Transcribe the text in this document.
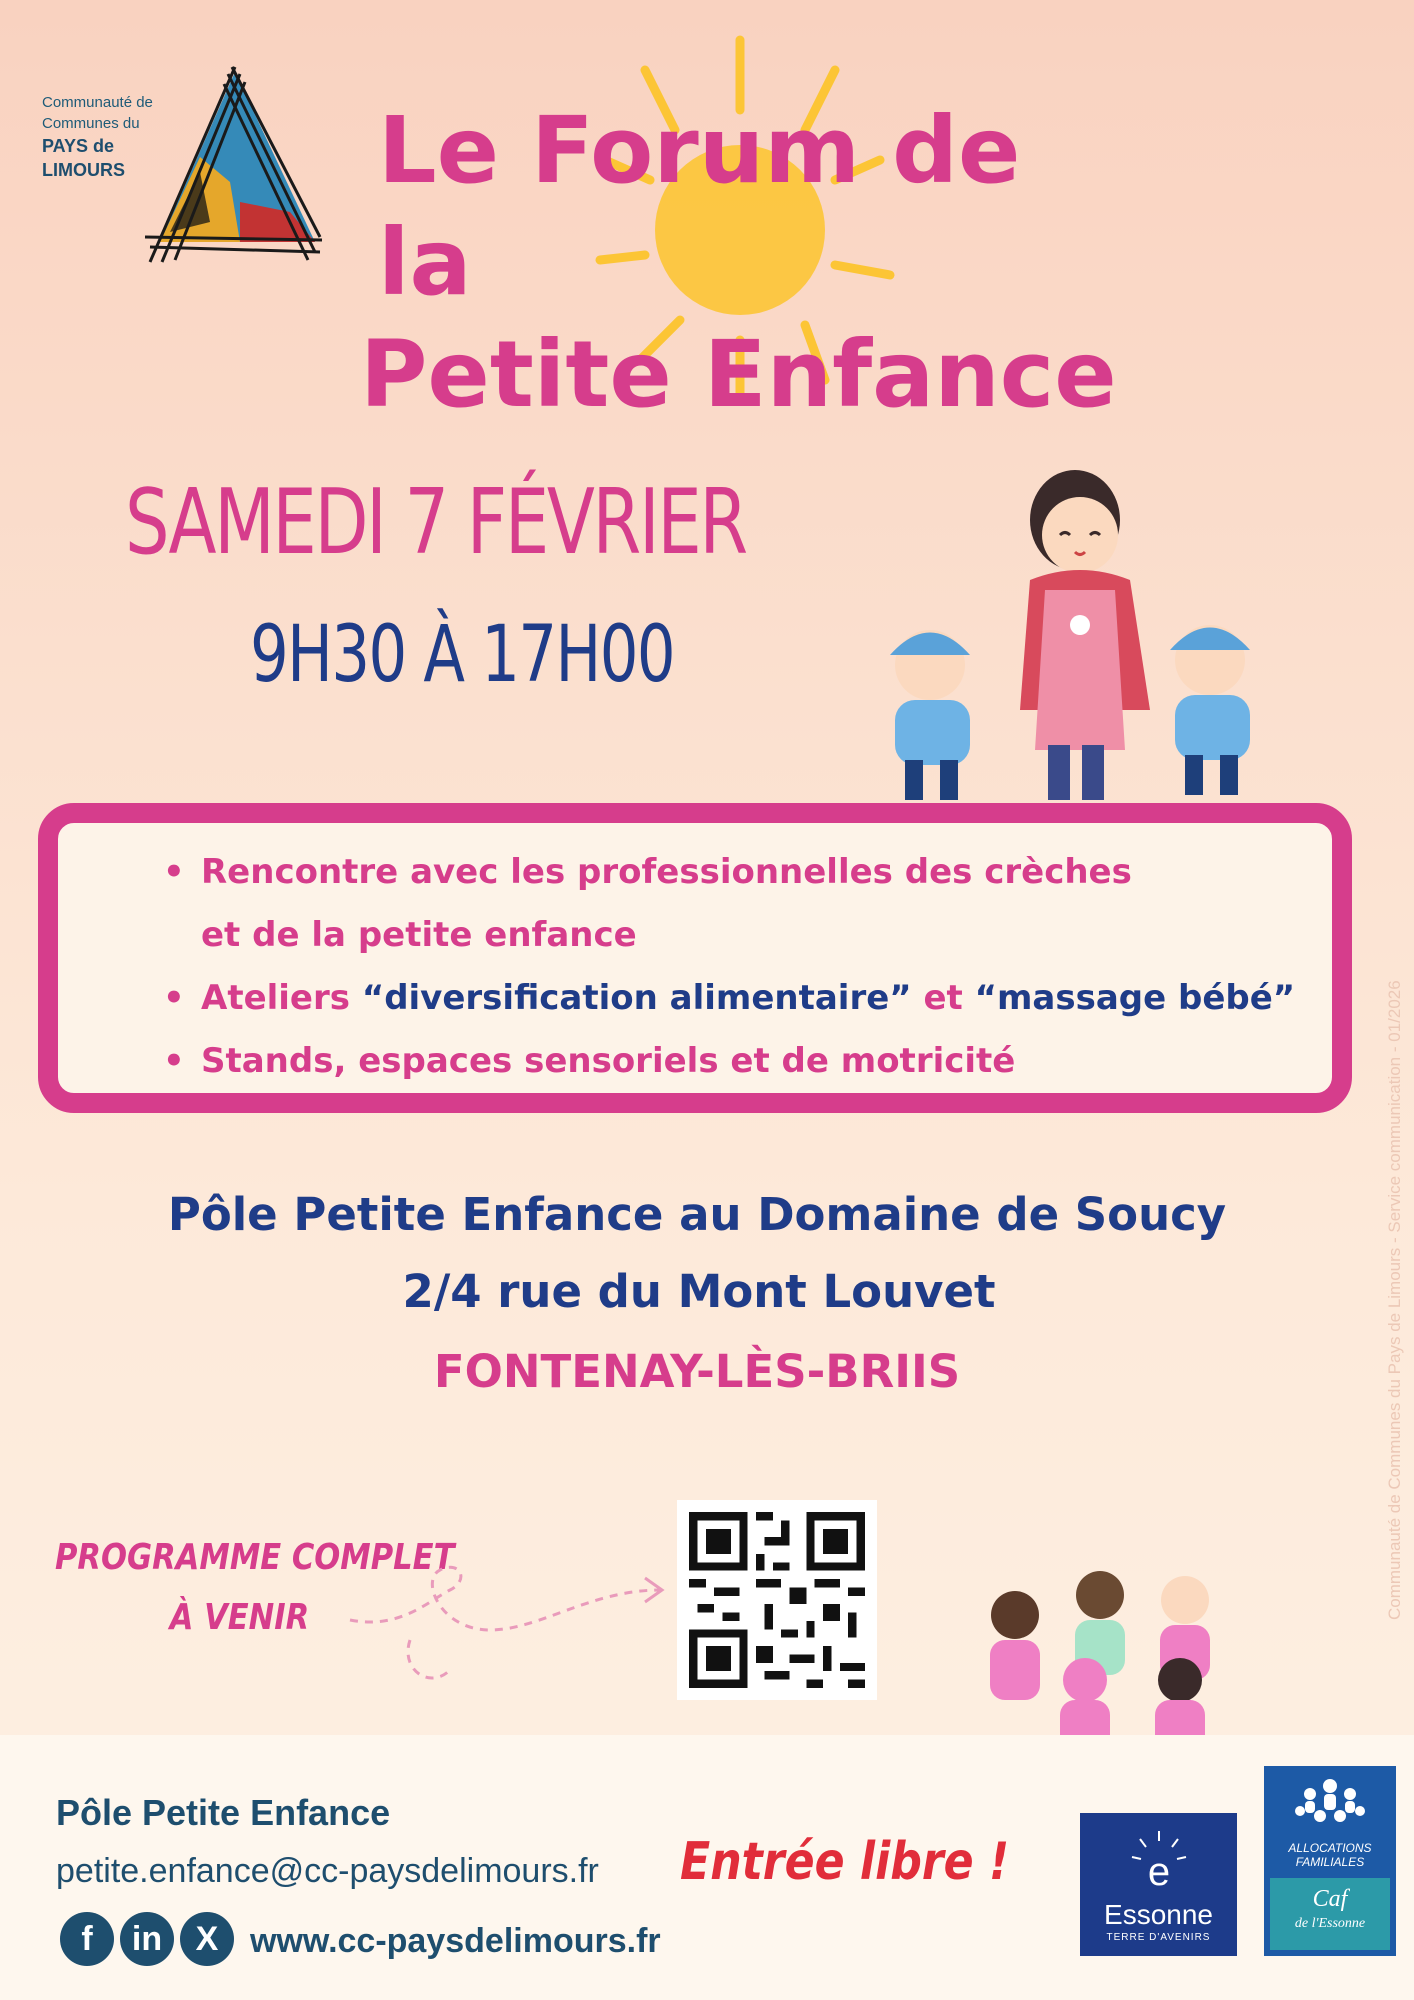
Communauté de
Communes du
PAYS de
LIMOURS	Le Forum de la
Petite Enfance
SAMEDI 7 FÉVRIER
9H30 À 17H00
• Rencontre avec les professionnelles des crèches
et de la petite enfance
• Ateliers “diversification alimentaire” et “massage bébé”
• Stands, espaces sensoriels et de motricité
Pôle Petite Enfance au Domaine de Soucy
2/4 rue du Mont Louvet
FONTENAY-LÈS-BRIIS
PROGRAMME COMPLET
À VENIR	Communauté de Communes du Pays de Limours - Service communication - 01/2026
Pôle Petite Enfance
petite.enfance@cc-paysdelimours.fr
f	in X www.cc-paysdelimours.fr
Entrée libre !	e
Essonne
TERRE D'AVENIRS
ALLOCATIONS
FAMILIALES
Caf
de l'Essonne
